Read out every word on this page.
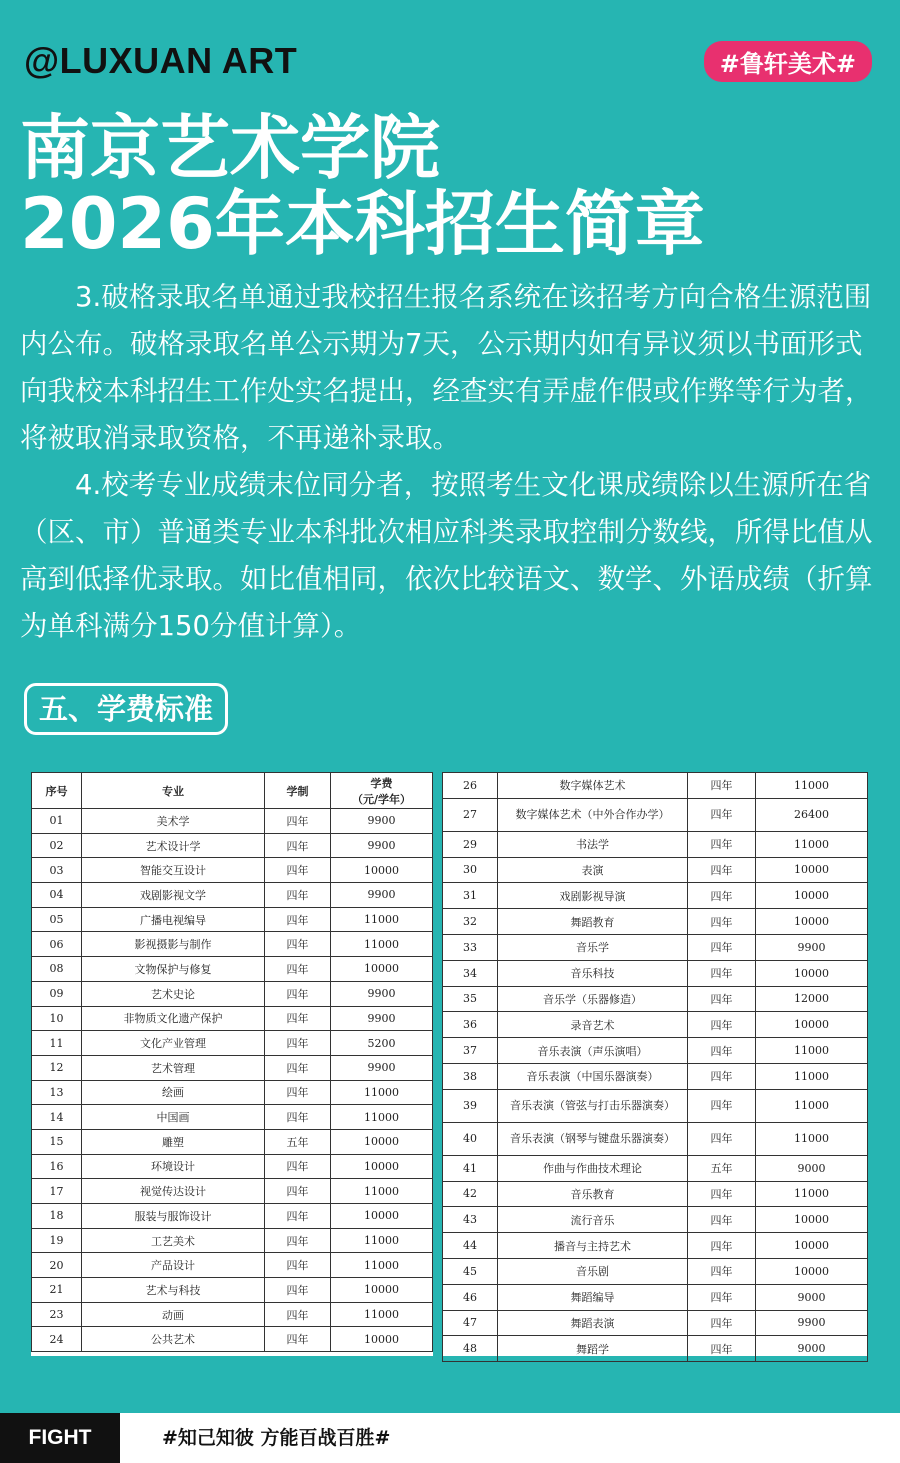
@LUXUAN ART	#鲁轩美术#
南京艺术学院
2026年本科招生简章

3.破格录取名单通过我校招生报名系统在该招考方向合格生源范围内公布。破格录取名单公示期为7天，公示期内如有异议须以书面形式向我校本科招生工作处实名提出，经查实有弄虚作假或作弊等行为者，将被取消录取资格，不再递补录取。

4.校考专业成绩末位同分者，按照考生文化课成绩除以生源所在省（区、市）普通类专业本科批次相应科类录取控制分数线，所得比值从高到低择优录取。如比值相同，依次比较语文、数学、外语成绩（折算为单科满分150分值计算）。

五、学费标准
序号	专业	学制	学费
（元/学年）
01	美术学	四年	9900
02	艺术设计学	四年	9900
03	智能交互设计	四年	10000
04	戏剧影视文学	四年	9900
05	广播电视编导	四年	11000
06	影视摄影与制作	四年	11000
08	文物保护与修复	四年	10000
09	艺术史论	四年	9900
10	非物质文化遗产保护	四年	9900
11	文化产业管理	四年	5200
12	艺术管理	四年	9900
13	绘画	四年	11000
14	中国画	四年	11000
15	雕塑	五年	10000
16	环境设计	四年	10000
17	视觉传达设计	四年	11000
18	服装与服饰设计	四年	10000
19	工艺美术	四年	11000
20	产品设计	四年	11000
21	艺术与科技	四年	10000
23	动画	四年	11000
24	公共艺术	四年	10000
26	数字媒体艺术	四年	11000
27	数字媒体艺术（中外合作办学）	四年	26400
29	书法学	四年	11000
30	表演	四年	10000
31	戏剧影视导演	四年	10000
32	舞蹈教育	四年	10000
33	音乐学	四年	9900
34	音乐科技	四年	10000
35	音乐学（乐器修造）	四年	12000
36	录音艺术	四年	10000
37	音乐表演（声乐演唱）	四年	11000
38	音乐表演（中国乐器演奏）	四年	11000
39	音乐表演（管弦与打击乐器演奏）	四年	11000
40	音乐表演（钢琴与键盘乐器演奏）	四年	11000
41	作曲与作曲技术理论	五年	9000
42	音乐教育	四年	11000
43	流行音乐	四年	10000
44	播音与主持艺术	四年	10000
45	音乐剧	四年	10000
46	舞蹈编导	四年	9000
47	舞蹈表演	四年	9900
48	舞蹈学	四年	9000
FIGHT	#知己知彼 方能百战百胜#
